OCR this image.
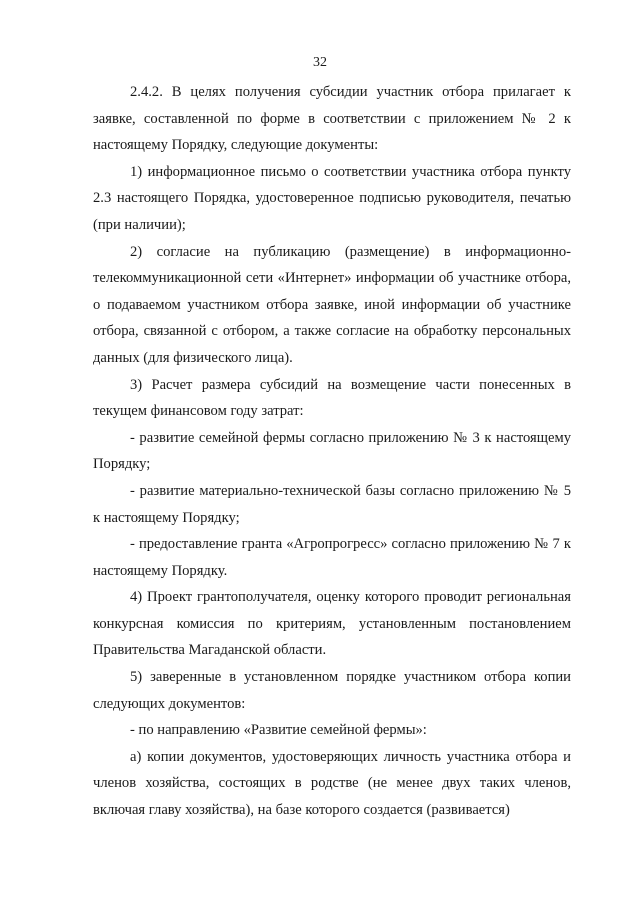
32

2.4.2. В целях получения субсидии участник отбора прилагает к заявке, составленной по форме в соответствии с приложением № 2 к настоящему Порядку, следующие документы:

1) информационное письмо о соответствии участника отбора пункту 2.3 настоящего Порядка, удостоверенное подписью руководителя, печатью (при наличии);

2) согласие на публикацию (размещение) в информационно-телекоммуникационной сети «Интернет» информации об участнике отбора, о подаваемом участником отбора заявке, иной информации об участнике отбора, связанной с отбором, а также согласие на обработку персональных данных (для физического лица).

3) Расчет размера субсидий на возмещение части понесенных в текущем финансовом году затрат:

- развитие семейной фермы согласно приложению № 3 к настоящему Порядку;

- развитие материально-технической базы согласно приложению № 5 к настоящему Порядку;

- предоставление гранта «Агропрогресс» согласно приложению № 7 к настоящему Порядку.

4) Проект грантополучателя, оценку которого проводит региональная конкурсная комиссия по критериям, установленным постановлением Правительства Магаданской области.

5) заверенные в установленном порядке участником отбора копии следующих документов:

- по направлению «Развитие семейной фермы»:

а) копии документов, удостоверяющих личность участника отбора и членов хозяйства, состоящих в родстве (не менее двух таких членов, включая главу хозяйства), на базе которого создается (развивается)
